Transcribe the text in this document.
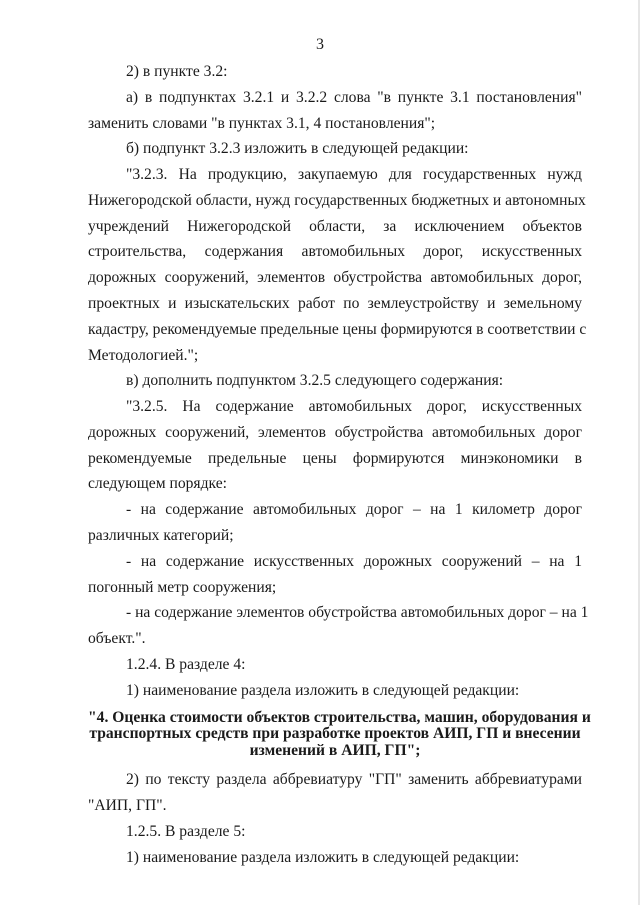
3
2) в пункте 3.2:
а) в подпунктах 3.2.1 и 3.2.2 слова "в пункте 3.1 постановления"
заменить словами "в пунктах 3.1, 4 постановления";
б) подпункт 3.2.3 изложить в следующей редакции:
"3.2.3. На продукцию, закупаемую для государственных нужд
Нижегородской области, нужд государственных бюджетных и автономных
учреждений Нижегородской области, за исключением объектов
строительства, содержания автомобильных дорог, искусственных
дорожных сооружений, элементов обустройства автомобильных дорог,
проектных и изыскательских работ по землеустройству и земельному
кадастру, рекомендуемые предельные цены формируются в соответствии с
Методологией.";
в) дополнить подпунктом 3.2.5 следующего содержания:
"3.2.5. На содержание автомобильных дорог, искусственных
дорожных сооружений, элементов обустройства автомобильных дорог
рекомендуемые предельные цены формируются минэкономики в
следующем порядке:
- на содержание автомобильных дорог – на 1 километр дорог
различных категорий;
- на содержание искусственных дорожных сооружений – на 1
погонный метр сооружения;
- на содержание элементов обустройства автомобильных дорог – на 1
объект.".
1.2.4. В разделе 4:
1) наименование раздела изложить в следующей редакции:
"4. Оценка стоимости объектов строительства, машин, оборудования и
транспортных средств при разработке проектов АИП, ГП и внесении
изменений в АИП, ГП";
2) по тексту раздела аббревиатуру "ГП" заменить аббревиатурами
"АИП, ГП".
1.2.5. В разделе 5:
1) наименование раздела изложить в следующей редакции:
